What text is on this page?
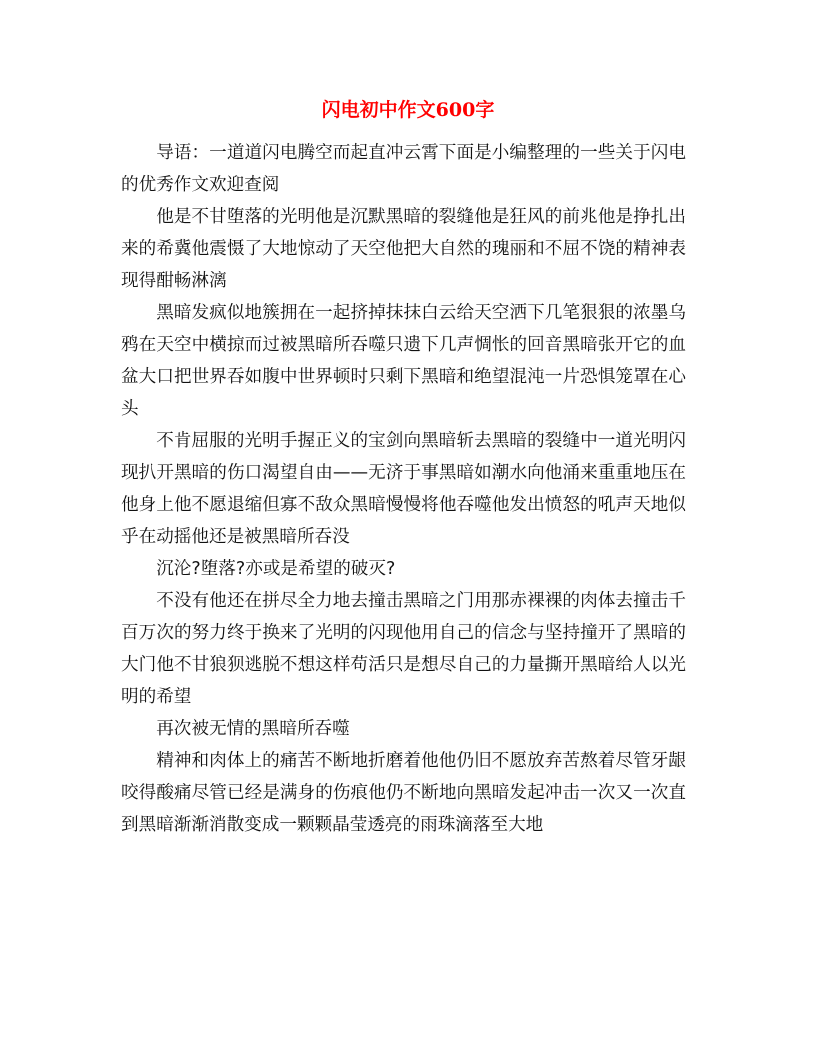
闪电初中作文600字

导语：一道道闪电腾空而起直冲云霄下面是小编整理的一些关于闪电的优秀作文欢迎查阅

他是不甘堕落的光明他是沉默黑暗的裂缝他是狂风的前兆他是挣扎出来的希冀他震慑了大地惊动了天空他把大自然的瑰丽和不屈不饶的精神表现得酣畅淋漓

黑暗发疯似地簇拥在一起挤掉抹抹白云给天空洒下几笔狠狠的浓墨乌鸦在天空中横掠而过被黑暗所吞噬只遗下几声惆怅的回音黑暗张开它的血盆大口把世界吞如腹中世界顿时只剩下黑暗和绝望混沌一片恐惧笼罩在心头

不肯屈服的光明手握正义的宝剑向黑暗斩去黑暗的裂缝中一道光明闪现扒开黑暗的伤口渴望自由——无济于事黑暗如潮水向他涌来重重地压在他身上他不愿退缩但寡不敌众黑暗慢慢将他吞噬他发出愤怒的吼声天地似乎在动摇他还是被黑暗所吞没

沉沦?堕落?亦或是希望的破灭?

不没有他还在拼尽全力地去撞击黑暗之门用那赤裸裸的肉体去撞击千百万次的努力终于换来了光明的闪现他用自己的信念与坚持撞开了黑暗的大门他不甘狼狈逃脱不想这样苟活只是想尽自己的力量撕开黑暗给人以光明的希望

再次被无情的黑暗所吞噬

精神和肉体上的痛苦不断地折磨着他他仍旧不愿放弃苦熬着尽管牙龈咬得酸痛尽管已经是满身的伤痕他仍不断地向黑暗发起冲击一次又一次直到黑暗渐渐消散变成一颗颗晶莹透亮的雨珠滴落至大地
